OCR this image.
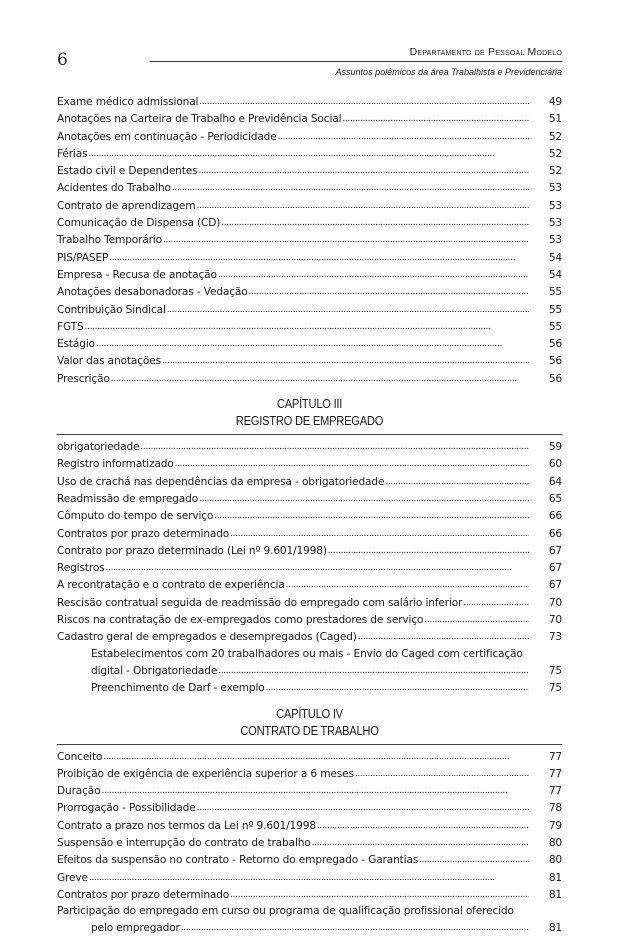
6	Departamento de Pessoal Modelo
Assuntos polêmicos da área Trabalhista e Previdenciária
Exame médico admissional . . .	49
Anotações na Carteira de Trabalho e Previdência Social . . .	51
Anotações em continuação - Periodicidade . . .	52
Férias . . .	52
Estado civil e Dependentes . . .	52
Acidentes do Trabalho . . .	53
Contrato de aprendizagem . . .	53
Comunicação de Dispensa (CD) . . .	53
Trabalho Temporário . . .	53
PIS/PASEP . . .	54
Empresa - Recusa de anotação . . .	54
Anotações desabonadoras - Vedação . . .	55
Contribuição Sindical . . .	55
FGTS . . .	55
Estágio . . .	56
Valor das anotações . . .	56
Prescrição . . .	56
CAPÍTULO III
REGISTRO DE EMPREGADO
obrigatoriedade . . .	59
Registro informatizado . . .	60
Uso de crachá nas dependências da empresa - obrigatoriedade . . .	64
Readmissão de empregado . . .	65
Cômputo do tempo de serviço . . .	66
Contratos por prazo determinado . . .	66
Contrato por prazo determinado (Lei nº 9.601/1998) . . .	67
Registros . . .	67
A recontratação e o contrato de experiência . . .	67
Rescisão contratual seguida de readmissão do empregado com salário inferior . . .	70
Riscos na contratação de ex-empregados como prestadores de serviço . . .	70
Cadastro geral de empregados e desempregados (Caged) . . .	73
Estabelecimentos com 20 trabalhadores ou mais - Envio do Caged com certificação
digital - Obrigatoriedade . . .	75
Preenchimento de Darf - exemplo . . .	75
CAPÍTULO IV
CONTRATO DE TRABALHO
Conceito . . .	77
Proibição de exigência de experiência superior a 6 meses . . .	77
Duração . . .	77
Prorrogação - Possibilidade . . .	78
Contrato a prazo nos termos da Lei nº 9.601/1998 . . .	79
Suspensão e interrupção do contrato de trabalho . . .	80
Efeitos da suspensão no contrato - Retorno do empregado - Garantias . . .	80
Greve . . .	81
Contratos por prazo determinado . . .	81
Participação do empregado em curso ou programa de qualificação profissional oferecido
pelo empregador . . .	81
